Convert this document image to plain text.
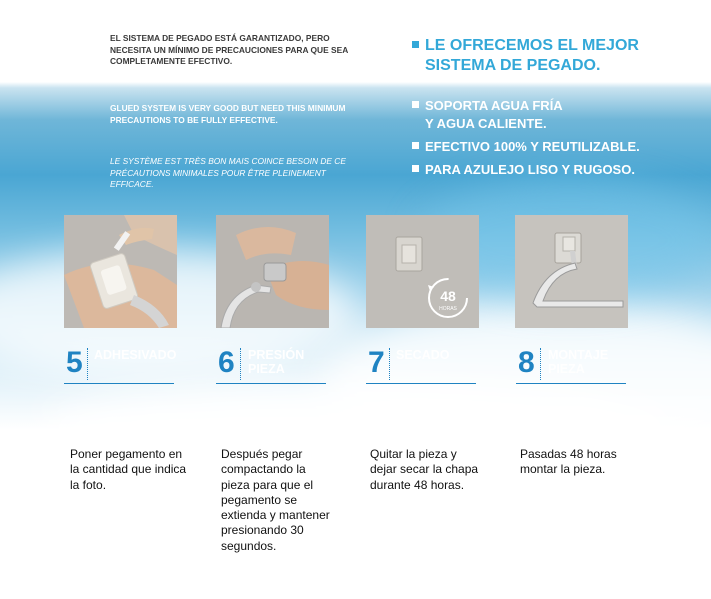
EL SISTEMA DE PEGADO ESTÁ GARANTIZADO, PERO NECESITA UN MÍNIMO DE PRECAUCIONES PARA QUE SEA COMPLETAMENTE EFECTIVO.
GLUED SYSTEM IS VERY GOOD BUT NEED THIS MINIMUM PRECAUTIONS TO BE FULLY EFFECTIVE.
LE SYSTÈME EST TRÈS BON MAIS COINCE BESOIN DE CE PRÉCAUTIONS MINIMALES POUR ÊTRE PLEINEMENT EFFICACE.
LE OFRECEMOS EL MEJOR
SISTEMA DE PEGADO.
SOPORTA AGUA FRÍA
Y AGUA CALIENTE.
EFECTIVO 100% Y REUTILIZABLE.
PARA AZULEJO LISO Y RUGOSO.
48
HORAS
5 ADHESIVADO 6 PRESIÓN
PIEZA	7 SECADO 8 MONTAJE
PIEZA
Poner pegamento en la cantidad que indica la foto.
Después pegar compactando la pieza para que el pegamento se extienda y mantener presionando 30 segundos.
Quitar la pieza y dejar secar la chapa durante 48 horas.
Pasadas 48 horas montar la pieza.
